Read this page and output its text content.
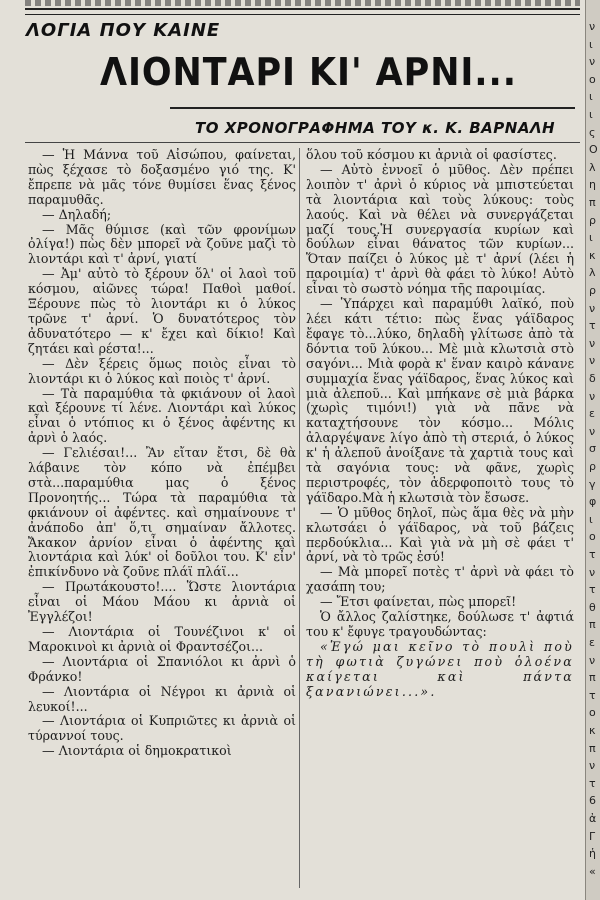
ΛΟΓΙΑ ΠΟΥ ΚΑΙΝΕ
ΛΙΟΝΤΑΡΙ ΚΙ' ΑΡΝΙ...
ΤΟ ΧΡΟΝΟΓΡΑΦΗΜΑ ΤΟΥ κ. Κ. ΒΑΡΝΑΛΗ

— Ἡ Μάννα τοῦ Αἰσώπου, φαίνεται, πὼς ξέχασε τὸ δοξασμένο γιό της. Κ' ἔπρεπε νὰ μᾶς τόνε θυμίσει ἕνας ξένος παραμυθᾶς.

— Δηλαδή;

— Μᾶς θύμισε (καὶ τῶν φρονίμων ὀλίγα!) πὼς δὲν μπορεῖ νὰ ζοῦνε μαζὶ τὸ λιοντάρι καὶ τ' ἀρνί, γιατί

— Ἀμ' αὐτὸ τὸ ξέρουν ὅλ' οἱ λαοὶ τοῦ κόσμου, αἰῶνες τώρα! Παθοὶ μαθοί. Ξέρουνε πὼς τὸ λιοντάρι κι ὁ λύκος τρῶνε τ' ἀρνί. Ὁ δυνατότερος τὸν ἀδυνατότερο — κ' ἔχει καὶ δίκιο! Καὶ ζητάει καὶ ρέστα!...

— Δὲν ξέρεις ὅμως ποιὸς εἶναι τὸ λιοντάρι κι ὁ λύκος καὶ ποιὸς τ' ἀρνί.

— Τὰ παραμύθια τὰ φκιάνουν οἱ λαοὶ καὶ ξέρουνε τί λένε. Λιοντάρι καὶ λύκος εἶναι ὁ ντόπιος κι ὁ ξένος ἀφέντης κι ἀρνὶ ὁ λαός.

— Γελιέσαι!... Ἂν εἴταν ἔτσι, δὲ θὰ λάβαινε τὸν κόπο νὰ ἐπέμβει στὰ...παραμύθια μας ὁ ξένος Προνοητής... Τώρα τὰ παραμύθια τὰ φκιάνουν οἱ ἀφέντες. καὶ σημαίνουνε τ' ἀνάποδο ἀπ' ὅ,τι σημαίναν ἄλλοτες. Ἄκακον ἀρνίον εἶναι ὁ ἀφέντης καὶ λιοντάρια καὶ λύκ' οἱ δοῦλοι του. Κ' εἶν' ἐπικίνδυνο νὰ ζοῦνε πλάϊ πλάϊ...

— Πρωτάκουστο!.... Ὥστε λιοντάρια εἶναι οἱ Μάου Μάου κι ἀρνιὰ οἱ Ἐγγλέζοι!

— Λιοντάρια οἱ Τουνέζινοι κ' οἱ Μαροκινοὶ κι ἀρνιὰ οἱ Φραντσέζοι...

— Λιοντάρια οἱ Σπανιόλοι κι ἀρνὶ ὁ Φράνκο!

— Λιοντάρια οἱ Νέγροι κι ἀρνιὰ οἱ λευκοί!...

— Λιοντάρια οἱ Κυπριῶτες κι ἀρνιὰ οἱ τύραννοί τους.

— Λιοντάρια οἱ δημοκρατικοὶ

ὅλου τοῦ κόσμου κι ἀρνιὰ οἱ φασίστες.

— Αὐτὸ ἐννοεῖ ὁ μῦθος. Δὲν πρέπει λοιπὸν τ' ἀρνὶ ὁ κύριος νὰ μπιστεύεται τὰ λιοντάρια καὶ τοὺς λύκους: τοὺς λαούς. Καὶ νὰ θέλει νὰ συνεργάζεται μαζί τους.Ἡ συνεργασία κυρίων καὶ δούλων εἶναι θάνατος τῶν κυρίων... Ὅταν παίζει ὁ λύκος μὲ τ' ἀρνί (λέει ἡ παροιμία) τ' ἀρνὶ θὰ φάει τὸ λύκο! Αὐτὸ εἶναι τὸ σωστὸ νόημα τῆς παροιμίας.

— Ὑπάρχει καὶ παραμύθι λαϊκό, ποὺ λέει κάτι τέτιο: πὼς ἕνας γάϊδαρος ἔφαγε τὸ...λύκο, δηλαδὴ γλίτωσε ἀπὸ τὰ δόντια τοῦ λύκου... Μὲ μιὰ κλωτσιὰ στὸ σαγόνι... Μιὰ φορὰ κ' ἕναν καιρὸ κάνανε συμμαχία ἕνας γάϊδαρος, ἕνας λύκος καὶ μιὰ ἀλεποῦ... Καὶ μπήκανε σὲ μιὰ βάρκα (χωρὶς τιμόνι!) γιὰ νὰ πᾶνε νὰ καταχτήσουνε τὸν κόσμο... Μόλις ἀλαργέψανε λίγο ἀπὸ τὴ στεριά, ὁ λύκος κ' ἡ ἀλεποῦ ἀνοίξανε τὰ χαρτιὰ τους καὶ τὰ σαγόνια τους: νὰ φᾶνε, χωρὶς περιστροφές, τὸν ἀδερφοποιτὸ τους τὸ γάϊδαρο.Μὰ ἡ κλωτσιὰ τὸν ἔσωσε.

— Ὁ μῦθος δηλοῖ, πὼς ἅμα θὲς νὰ μὴν κλωτσάει ὁ γάϊδαρος, νὰ τοῦ βάζεις περδούκλια... Καὶ γιὰ νὰ μὴ σὲ φάει τ' ἀρνί, νὰ τὸ τρῶς ἐσύ!

— Μὰ μπορεῖ ποτὲς τ' ἀρνὶ νὰ φάει τὸ χασάπη του;

— Ἔτσι φαίνεται, πὼς μπορεῖ!

Ὁ ἄλλος ζαλίστηκε, δούλωσε τ' ἀφτιά του κ' ἔφυγε τραγουδώντας:

«Ἐγώ μαι κεῖνο τὸ πουλὶ ποὺ τὴ φωτιὰ ζυγώνει ποὺ ὁλοένα καίγεται καὶ πάντα ξανανιώνει...».

ν
ι
ν
ο
ι
ι
ς
Ο
λ
η
π
ρ
ι
κ
λ
ρ
ν
τ
ν
ν
δ
ν
ε
ν
σ
ρ
γ
φ
ι
ο
τ
ν
τ
θ
π
ε
ν
π
τ
ο
κ
π
ν
τ
6
ἀ
Γ
ἡ
«
